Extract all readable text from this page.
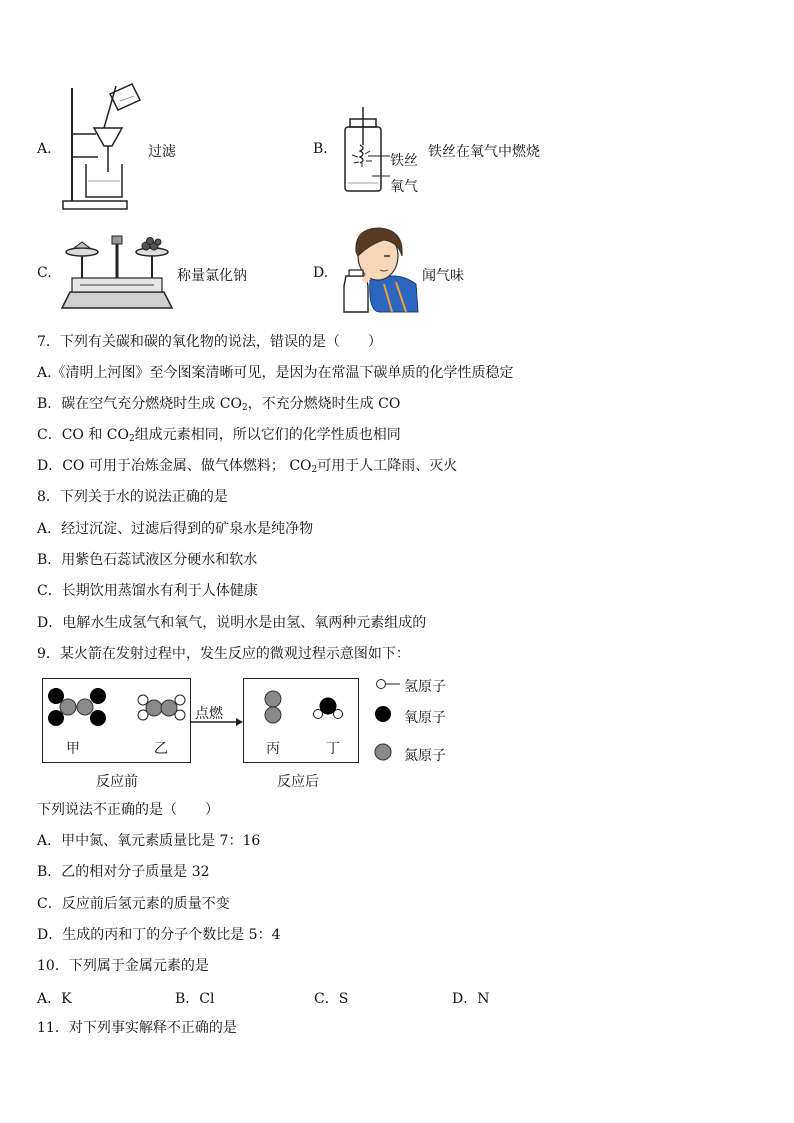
A.	过滤	B.
铁丝
氧气
铁丝在氧气中燃烧
C.	称量氯化钠	D.	闻气味
7．下列有关碳和碳的氧化物的说法，错误的是（　　）
A.《清明上河图》至今图案清晰可见，是因为在常温下碳单质的化学性质稳定
B．碳在空气充分燃烧时生成 $CO_2$，不充分燃烧时生成 CO
C．CO 和 $CO_2$组成元素相同，所以它们的化学性质也相同
D．CO 可用于冶炼金属、做气体燃料； $CO_2$可用于人工降雨、灭火
8．下列关于水的说法正确的是
A．经过沉淀、过滤后得到的矿泉水是纯净物
B．用紫色石蕊试液区分硬水和软水
C．长期饮用蒸馏水有利于人体健康
D．电解水生成氢气和氧气，说明水是由氢、氧两种元素组成的
9．某火箭在发射过程中，发生反应的微观过程示意图如下：
点燃
甲	乙	丙	丁
反应前	反应后
氢原子
氧原子
氮原子
下列说法不正确的是（　　）
A．甲中氮、氧元素质量比是 7：16
B．乙的相对分子质量是 32
C．反应前后氢元素的质量不变
D．生成的丙和丁的分子个数比是 5：4
10．下列属于金属元素的是
A．K	B．Cl	C．S	D．N
11．对下列事实解释不正确的是
